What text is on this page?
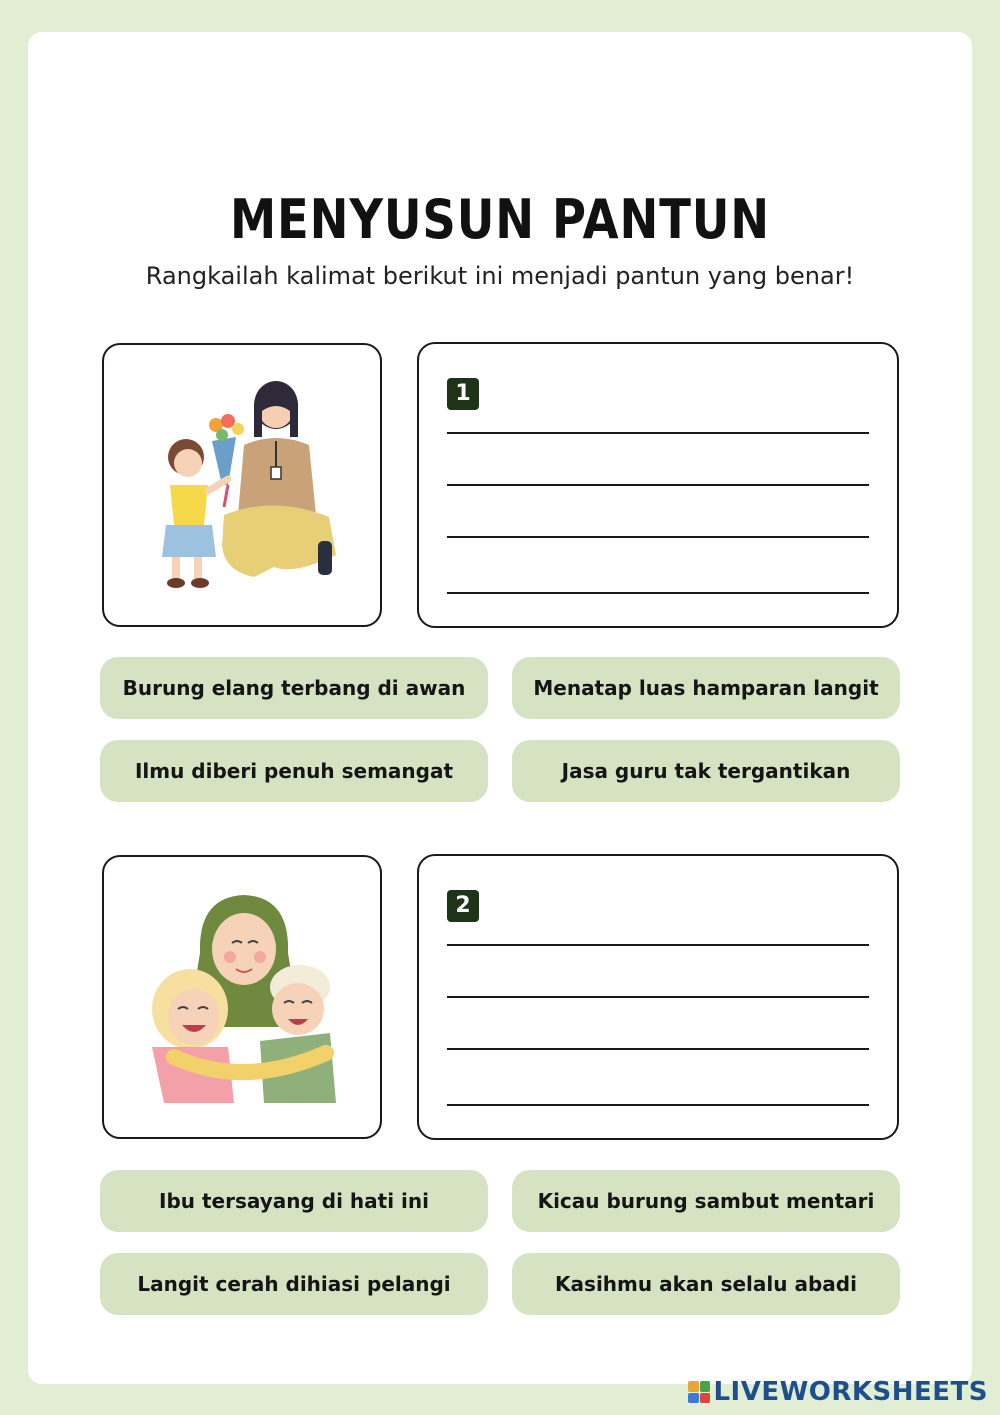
MENYUSUN PANTUN
Rangkailah kalimat berikut ini menjadi pantun yang benar!
1
Burung elang terbang di awan	Menatap luas hamparan langit
Ilmu diberi penuh semangat	Jasa guru tak tergantikan
2
Ibu tersayang di hati ini	Kicau burung sambut mentari
Langit cerah dihiasi pelangi	Kasihmu akan selalu abadi
LIVEWORKSHEETS
